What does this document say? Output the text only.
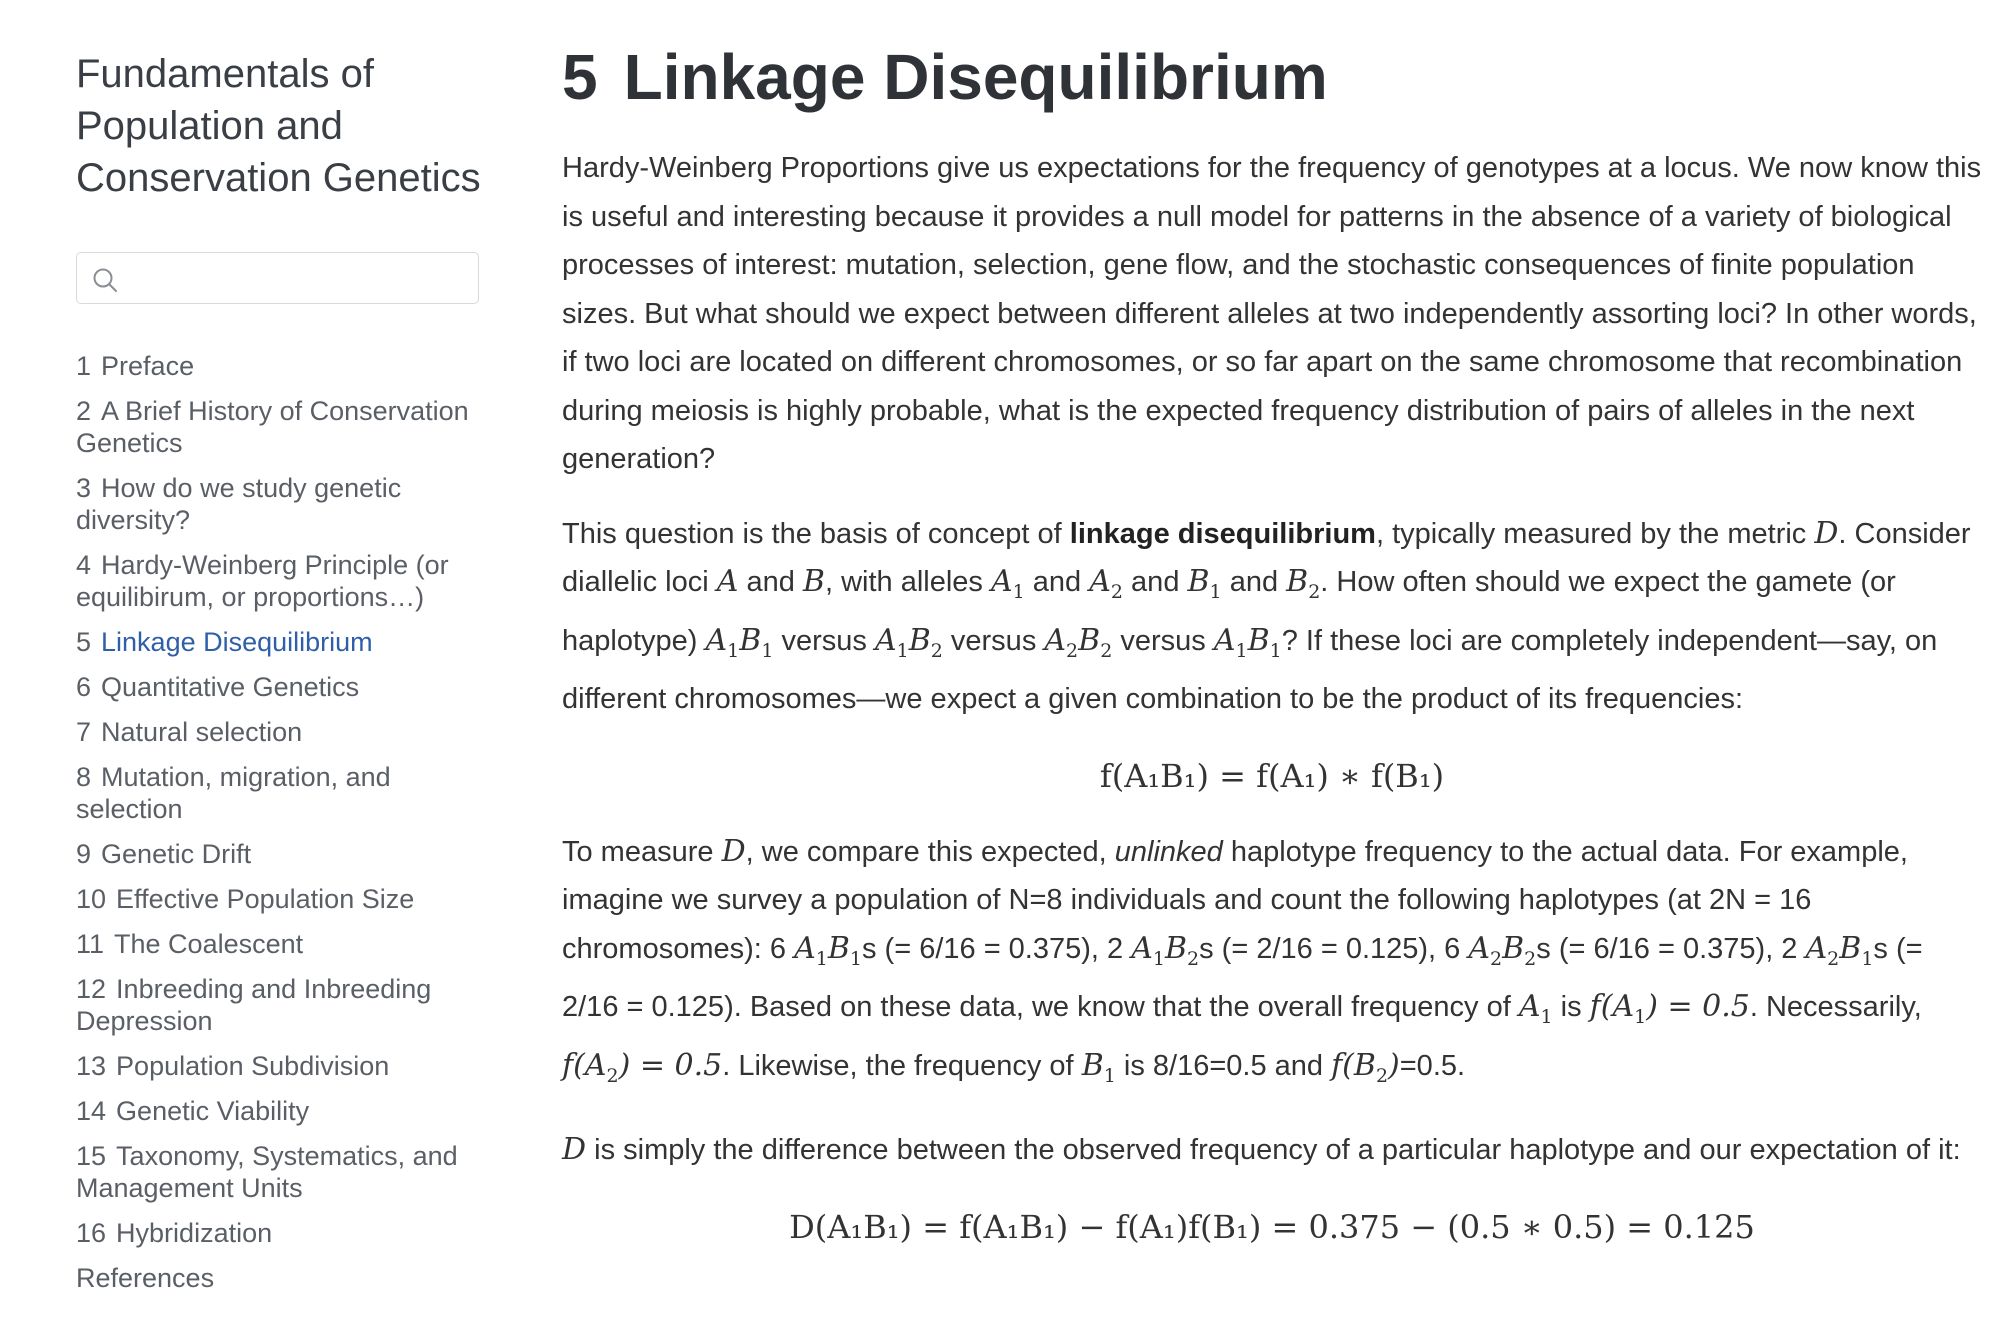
Fundamentals of Population and Conservation Genetics
1 Preface
2 A Brief History of Conservation Genetics
3 How do we study genetic diversity?
4 Hardy-Weinberg Principle (or equilibirum, or proportions…)
5 Linkage Disequilibrium
6 Quantitative Genetics
7 Natural selection
8 Mutation, migration, and selection
9 Genetic Drift
10 Effective Population Size
11 The Coalescent
12 Inbreeding and Inbreeding Depression
13 Population Subdivision
14 Genetic Viability
15 Taxonomy, Systematics, and Management Units
16 Hybridization
References
5 Linkage Disequilibrium

Hardy-Weinberg Proportions give us expectations for the frequency of genotypes at a locus. We now know this is useful and interesting because it provides a null model for patterns in the absence of a variety of biological processes of interest: mutation, selection, gene flow, and the stochastic consequences of finite population sizes. But what should we expect between different alleles at two independently assorting loci? In other words, if two loci are located on different chromosomes, or so far apart on the same chromosome that recombination during meiosis is highly probable, what is the expected frequency distribution of pairs of alleles in the next generation?

This question is the basis of concept of linkage disequilibrium, typically measured by the metric D. Consider diallelic loci A and B, with alleles $A_1$ and $A_2$ and $B_1$ and $B_2$. How often should we expect the gamete (or haplotype) $A_1B_1$ versus $A_1B_2$ versus $A_2B_2$ versus $A_1B_1$? If these loci are completely independent—say, on different chromosomes—we expect a given combination to be the product of its frequencies:

f(A₁B₁) = f(A₁) ∗ f(B₁)

To measure D, we compare this expected, unlinked haplotype frequency to the actual data. For example, imagine we survey a population of N=8 individuals and count the following haplotypes (at 2N = 16 chromosomes): 6 $A_1B_1s$ (= 6/16 = 0.375), 2 $A_1B_2s$ (= 2/16 = 0.125), 6 $A_2B_2s$ (= 6/16 = 0.375), 2 $A_2B_1s$ (= 2/16 = 0.125). Based on these data, we know that the overall frequency of $A_1$ is $f(A_1) = 0.5$. Necessarily, $f(A_2) = 0.5$. Likewise, the frequency of $B_1$ is 8/16=0.5 and $f(B_2)=0.5$.

D is simply the difference between the observed frequency of a particular haplotype and our expectation of it:

D(A₁B₁) = f(A₁B₁) − f(A₁)f(B₁) = 0.375 − (0.5 ∗ 0.5) = 0.125
